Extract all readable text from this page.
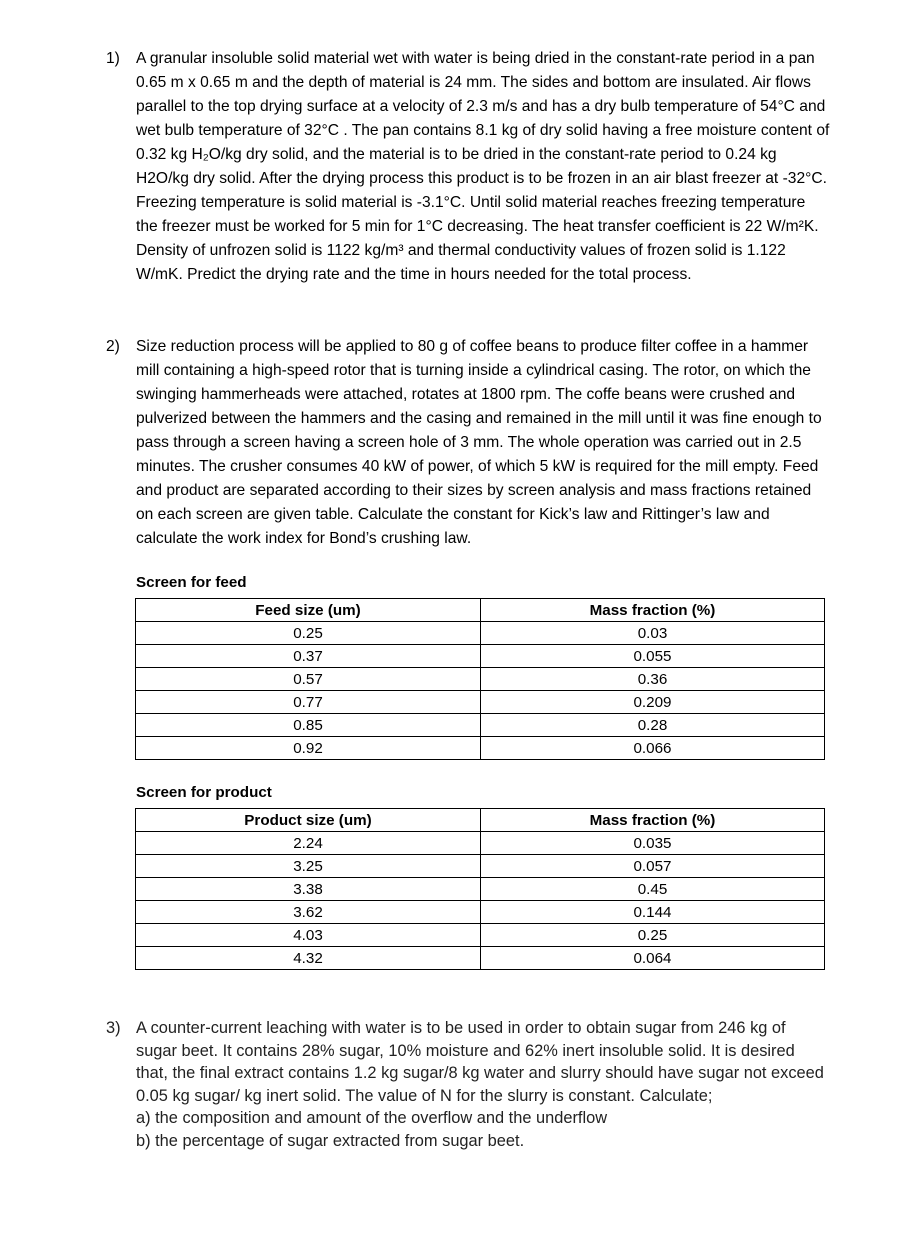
1) A granular insoluble solid material wet with water is being dried in the constant-rate period in a pan 0.65 m x 0.65 m and the depth of material is 24 mm. The sides and bottom are insulated. Air flows parallel to the top drying surface at a velocity of 2.3 m/s and has a dry bulb temperature of 54°C and wet bulb temperature of 32°C . The pan contains 8.1 kg of dry solid having a free moisture content of 0.32 kg H₂O/kg dry solid, and the material is to be dried in the constant-rate period to 0.24 kg H2O/kg dry solid. After the drying process this product is to be frozen in an air blast freezer at -32°C. Freezing temperature is solid material is -3.1°C. Until solid material reaches freezing temperature the freezer must be worked for 5 min for 1°C decreasing. The heat transfer coefficient is 22 W/m²K. Density of unfrozen solid is 1122 kg/m³ and thermal conductivity values of frozen solid is 1.122 W/mK. Predict the drying rate and the time in hours needed for the total process.
2) Size reduction process will be applied to 80 g of coffee beans to produce filter coffee in a hammer mill containing a high-speed rotor that is turning inside a cylindrical casing. The rotor, on which the swinging hammerheads were attached, rotates at 1800 rpm. The coffe beans were crushed and pulverized between the hammers and the casing and remained in the mill until it was fine enough to pass through a screen having a screen hole of 3 mm. The whole operation was carried out in 2.5 minutes. The crusher consumes 40 kW of power, of which 5 kW is required for the mill empty. Feed and product are separated according to their sizes by screen analysis and mass fractions retained on each screen are given table. Calculate the constant for Kick’s law and Rittinger’s law and calculate the work index for Bond’s crushing law.
Screen for feed
Feed size (um)	Mass fraction (%)
0.25	0.03
0.37	0.055
0.57	0.36
0.77	0.209
0.85	0.28
0.92	0.066
Screen for product
Product size (um)	Mass fraction (%)
2.24	0.035
3.25	0.057
3.38	0.45
3.62	0.144
4.03	0.25
4.32	0.064
3) A counter-current leaching with water is to be used in order to obtain sugar from 246 kg of sugar beet. It contains 28% sugar, 10% moisture and 62% inert insoluble solid. It is desired that, the final extract contains 1.2 kg sugar/8 kg water and slurry should have sugar not exceed 0.05 kg sugar/ kg inert solid. The value of N for the slurry is constant. Calculate;
a) the composition and amount of the overflow and the underflow
b) the percentage of sugar extracted from sugar beet.
